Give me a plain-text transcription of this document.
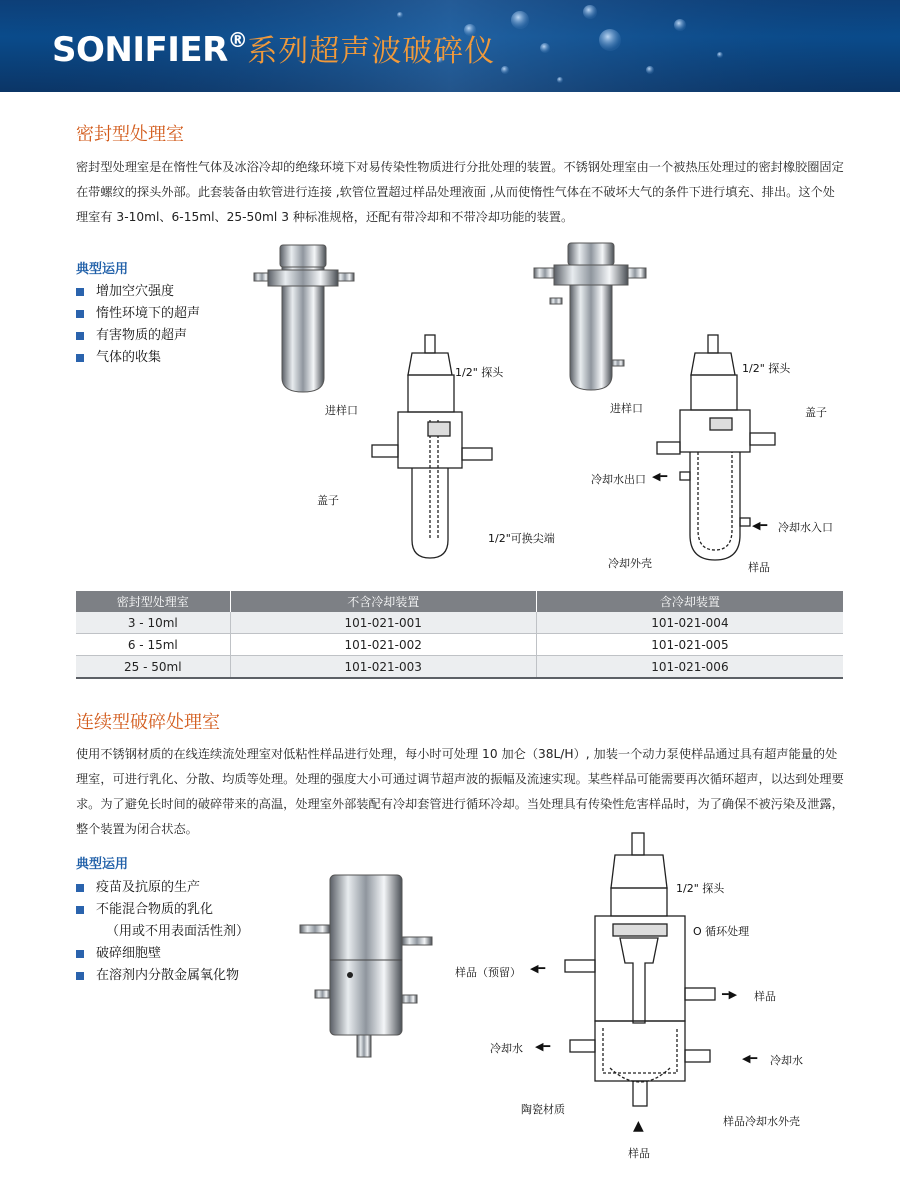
SONIFIER®系列超声波破碎仪
密封型处理室
密封型处理室是在惰性气体及冰浴冷却的绝缘环境下对易传染性物质进行分批处理的装置。不锈钢处理室由一个被热压处理过的密封橡胶圈固定在带螺纹的探头外部。此套装备由软管进行连接 ,软管位置超过样品处理液面 ,从而使惰性气体在不破坏大气的条件下进行填充、排出。这个处理室有 3-10ml、6-15ml、25-50ml 3 种标准规格，还配有带冷却和不带冷却功能的装置。
典型运用
增加空穴强度
惰性环境下的超声
有害物质的超声
气体的收集
1/2" 探头
进样口
盖子
1/2"可换尖端
1/2" 探头
进样口	盖子
冷却水出口 ◀━
◀━ 冷却水入口
冷却外壳	样品
密封型处理室	不含冷却装置	含冷却装置
3 - 10ml	101-021-001	101-021-004
6 - 15ml	101-021-002	101-021-005
25 - 50ml	101-021-003	101-021-006
连续型破碎处理室
使用不锈钢材质的在线连续流处理室对低粘性样品进行处理，每小时可处理 10 加仑（38L/H）, 加装一个动力泵使样品通过具有超声能量的处理室，可进行乳化、分散、均质等处理。处理的强度大小可通过调节超声波的振幅及流速实现。某些样品可能需要再次循环超声，以达到处理要求。为了避免长时间的破碎带来的高温，处理室外部装配有冷却套管进行循环冷却。当处理具有传染性危害样品时，为了确保不被污染及泄露，整个装置为闭合状态。
典型运用
疫苗及抗原的生产
不能混合物质的乳化
（用或不用表面活性剂）
破碎细胞壁
在溶剂内分散金属氧化物
1/2" 探头
O 循环处理
样品（预留） ◀━
━▶ 样品
冷却水 ◀━
◀━ 冷却水
陶瓷材质
样品冷却水外壳
▲
样品
